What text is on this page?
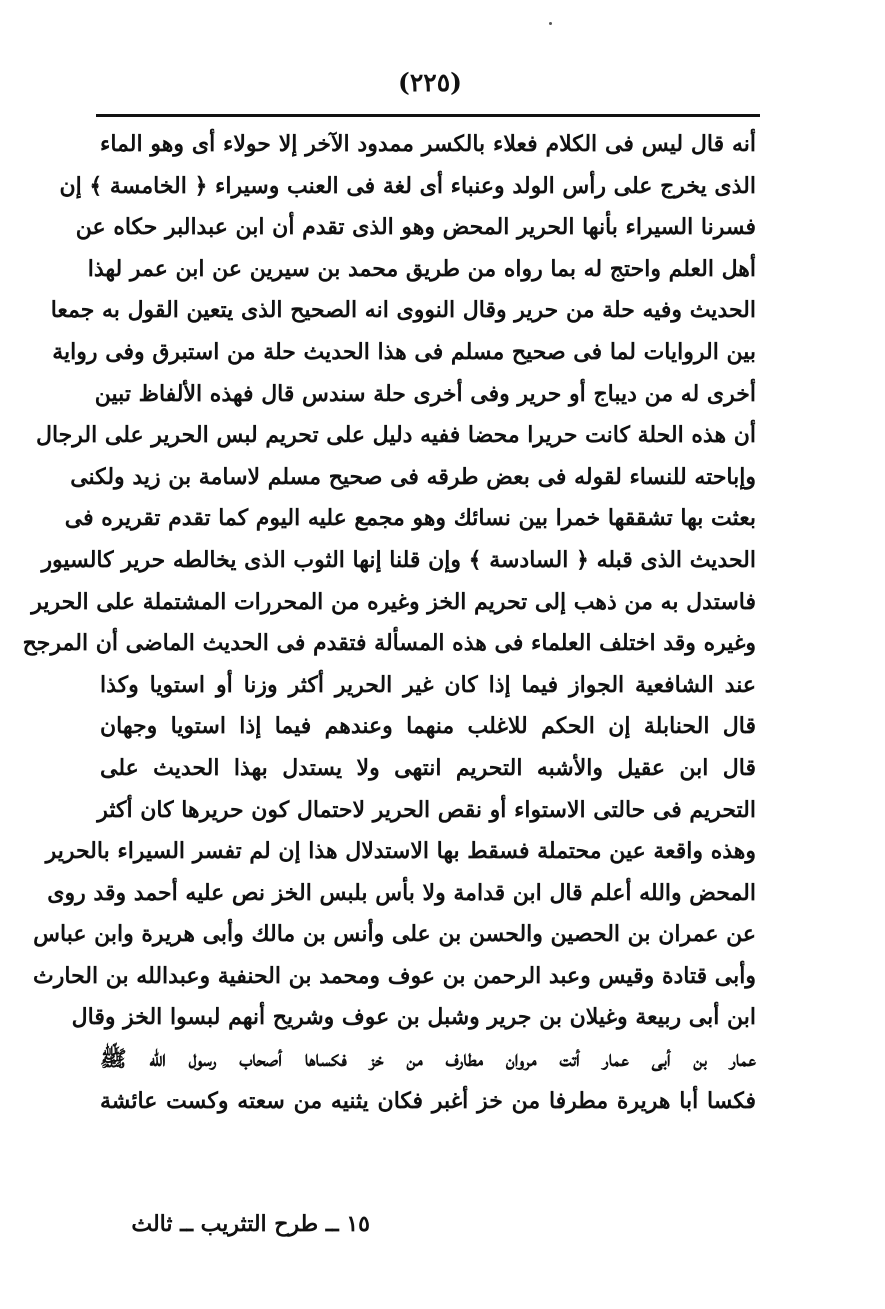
(٢٢٥)
أنه قال ليس فى الكلام فعلاء بالكسر ممدود الآخر إلا حولاء أى وهو الماء
الذى يخرج على رأس الولد وعنباء أى لغة فى العنب وسيراء ﴿ الخامسة ﴾ إن
فسرنا السيراء بأنها الحرير المحض وهو الذى تقدم أن ابن عبدالبر حكاه عن
أهل العلم واحتج له بما رواه من طريق محمد بن سيرين عن ابن عمر لهذا
الحديث وفيه حلة من حرير وقال النووى انه الصحيح الذى يتعين القول به جمعا
بين الروايات لما فى صحيح مسلم فى هذا الحديث حلة من استبرق وفى رواية
أخرى له من ديباج أو حرير وفى أخرى حلة سندس قال فهذه الألفاظ تبين
أن هذه الحلة كانت حريرا محضا ففيه دليل على تحريم لبس الحرير على الرجال
وإباحته للنساء لقوله فى بعض طرقه فى صحيح مسلم لاسامة بن زيد ولكنى
بعثت بها تشققها خمرا بين نسائك وهو مجمع عليه اليوم كما تقدم تقريره فى
الحديث الذى قبله ﴿ السادسة ﴾ وإن قلنا إنها الثوب الذى يخالطه حرير كالسيور
فاستدل به من ذهب إلى تحريم الخز وغيره من المحررات المشتملة على الحرير
وغيره وقد اختلف العلماء فى هذه المسألة فتقدم فى الحديث الماضى أن المرجح
عند الشافعية الجواز فيما إذا كان غير الحرير أكثر وزنا أو استويا وكذا
قال الحنابلة إن الحكم للاغلب منهما وعندهم فيما إذا استويا وجهان
قال ابن عقيل والأشبه التحريم انتهى ولا يستدل بهذا الحديث على
التحريم فى حالتى الاستواء أو نقص الحرير لاحتمال كون حريرها كان أكثر
وهذه واقعة عين محتملة فسقط بها الاستدلال هذا إن لم تفسر السيراء بالحرير
المحض والله أعلم قال ابن قدامة ولا بأس بلبس الخز نص عليه أحمد وقد روى
عن عمران بن الحصين والحسن بن على وأنس بن مالك وأبى هريرة وابن عباس
وأبى قتادة وقيس وعبد الرحمن بن عوف ومحمد بن الحنفية وعبدالله بن الحارث
ابن أبى ربيعة وغيلان بن جرير وشبل بن عوف وشريح أنهم لبسوا الخز وقال
عمار بن أبى عمار أتت مروان مطارف من خز فكساها أصحاب رسول الله ﷺ
فكسا أبا هريرة مطرفا من خز أغبر فكان يثنيه من سعته وكست عائشة
١٥ ــ طرح التثريب ــ ثالث
